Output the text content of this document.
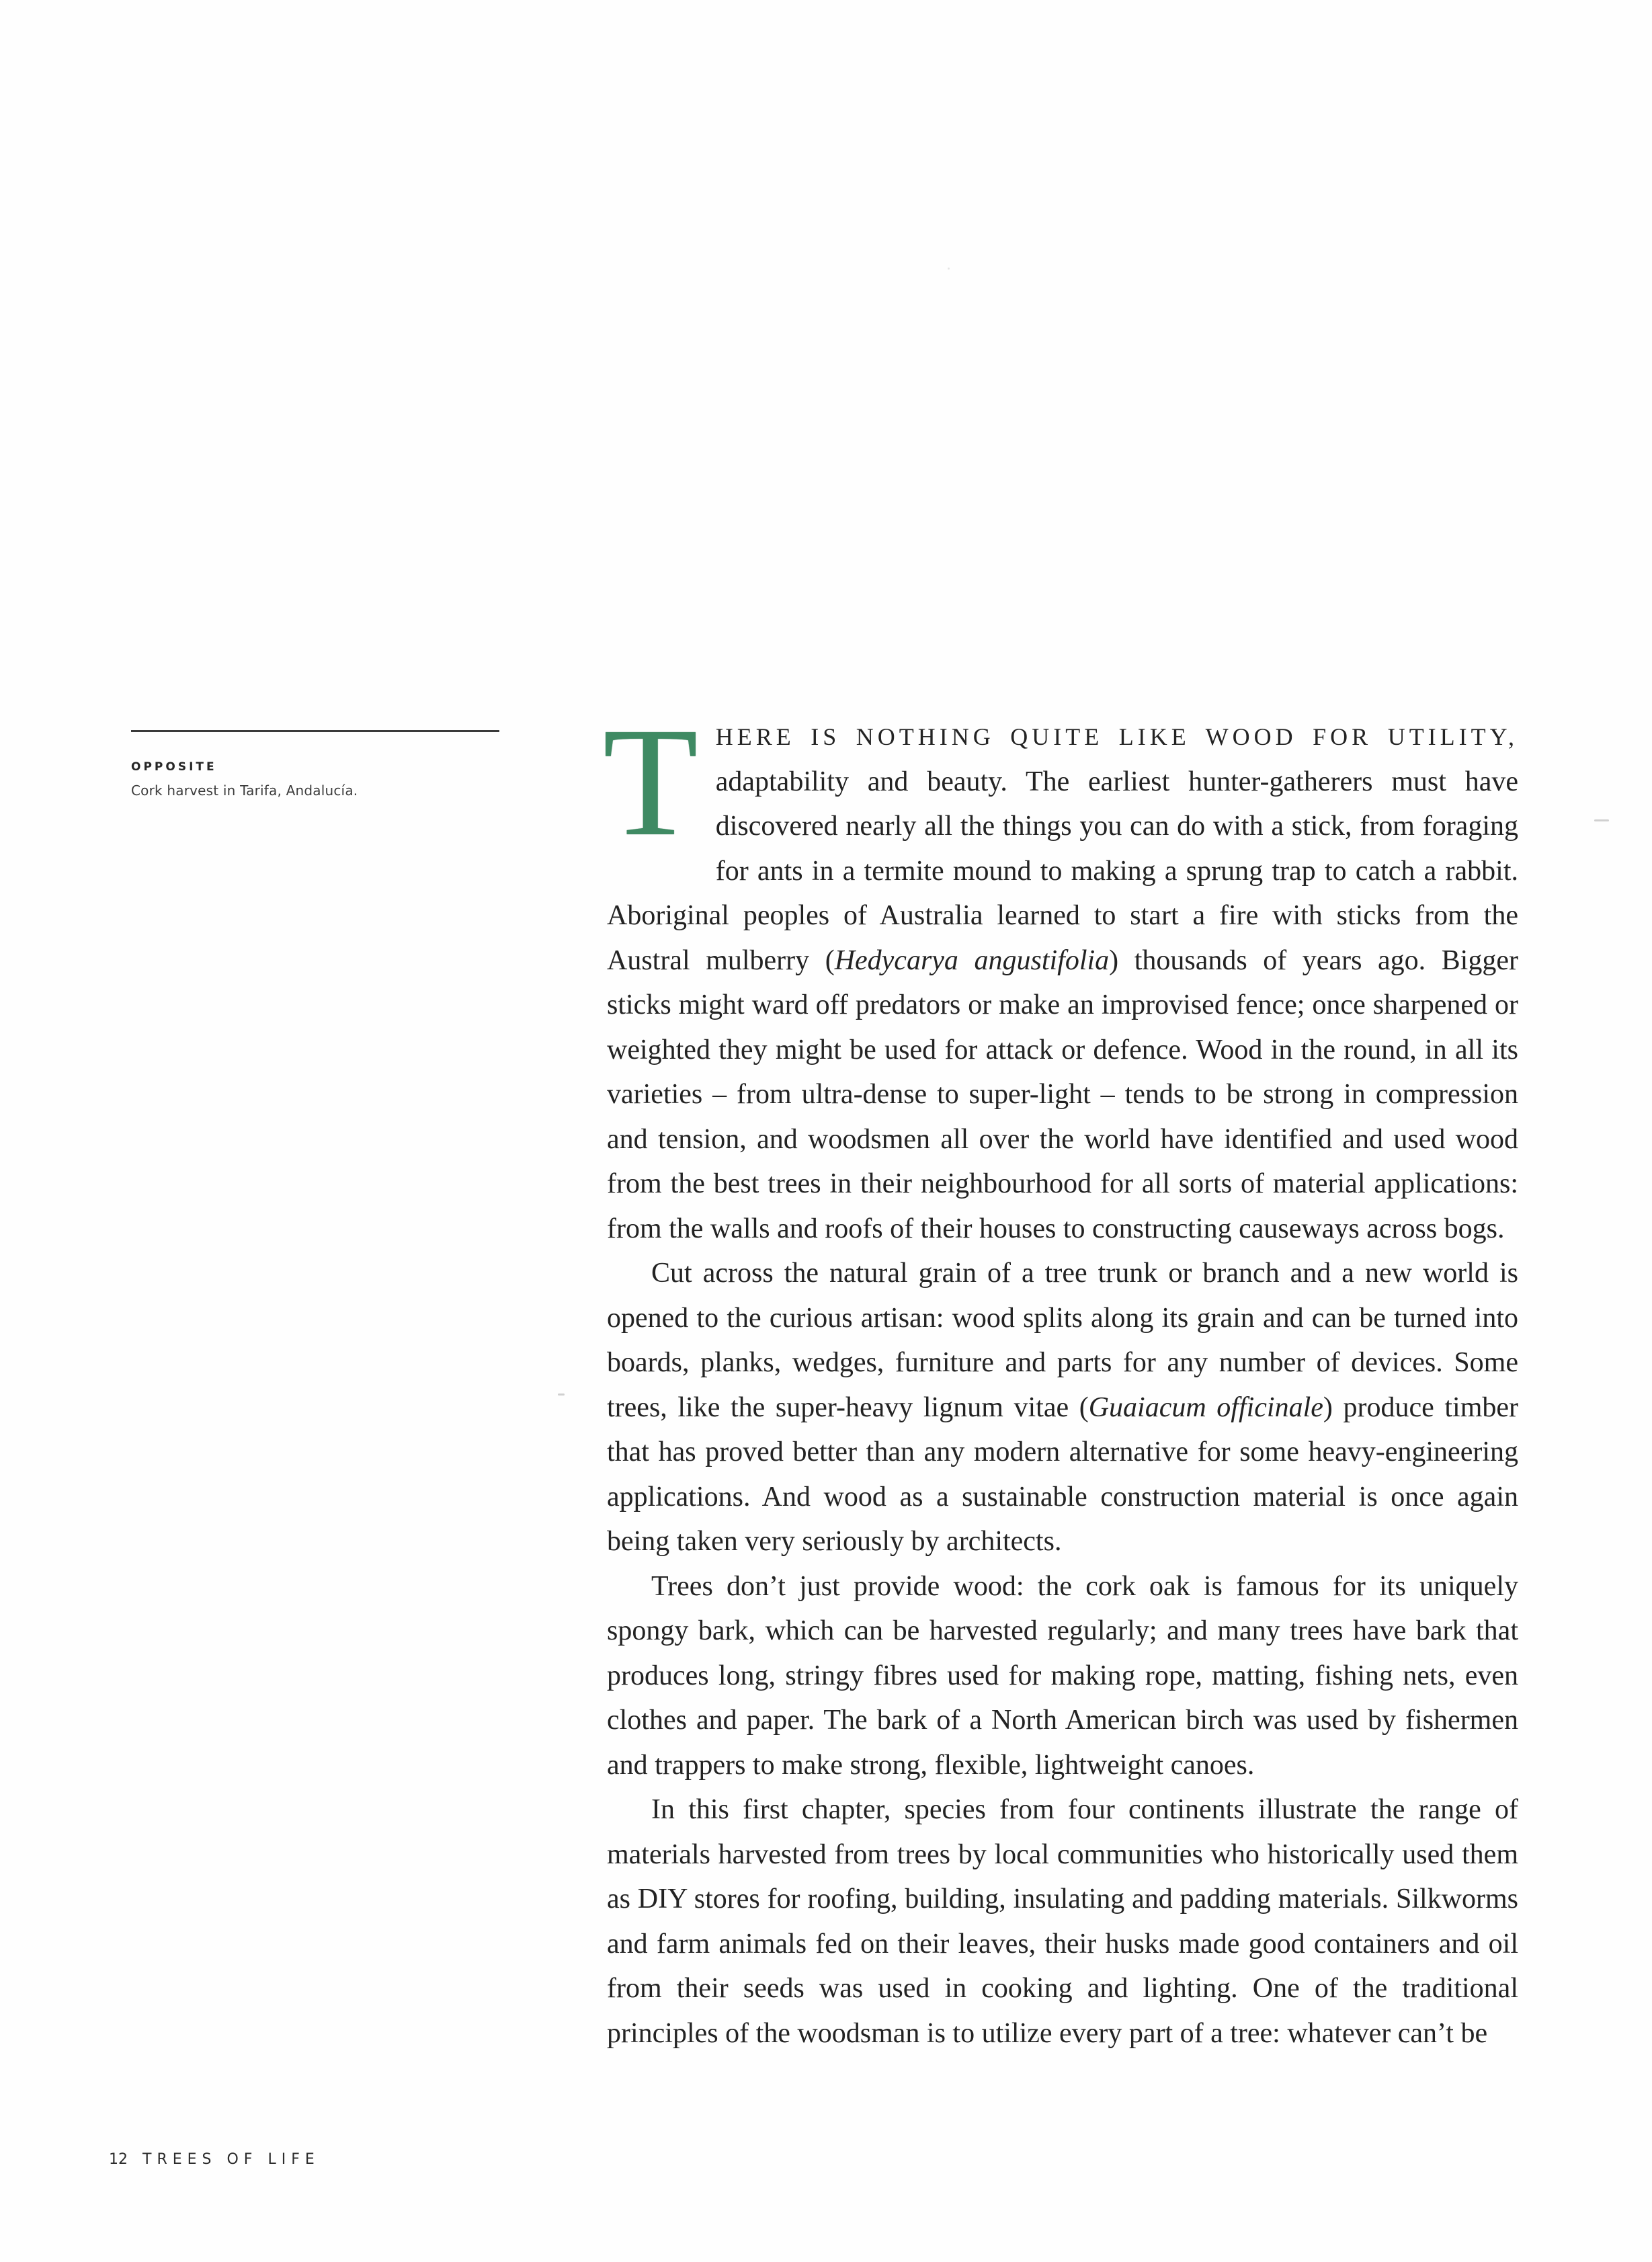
OPPOSITE
Cork harvest in Tarifa, Andalucía.	THERE IS NOTHING QUITE LIKE WOOD FOR UTILITY, adaptability and beauty. The earliest hunter-gatherers must have discovered nearly all the things you can do with a stick, from foraging for ants in a termite mound to making a sprung trap to catch a rabbit. Aboriginal peoples of Australia learned to start a fire with sticks from the Austral mulberry (Hedycarya angustifolia) thousands of years ago. Bigger sticks might ward off predators or make an improvised fence; once sharpened or weighted they might be used for attack or defence. Wood in the round, in all its varieties – from ultra-dense to super-light – tends to be strong in compression and tension, and woodsmen all over the world have identified and used wood from the best trees in their neighbourhood for all sorts of material applications: from the walls and roofs of their houses to constructing causeways across bogs.

Cut across the natural grain of a tree trunk or branch and a new world is opened to the curious artisan: wood splits along its grain and can be turned into boards, planks, wedges, furniture and parts for any number of devices. Some trees, like the super-heavy lignum vitae (Guaiacum officinale) produce timber that has proved better than any modern alternative for some heavy-engineering applications. And wood as a sustainable construction material is once again being taken very seriously by architects.

Trees don’t just provide wood: the cork oak is famous for its uniquely spongy bark, which can be harvested regularly; and many trees have bark that produces long, stringy fibres used for making rope, matting, fishing nets, even clothes and paper. The bark of a North American birch was used by fishermen and trappers to make strong, flexible, lightweight canoes.

In this first chapter, species from four continents illustrate the range of materials harvested from trees by local communities who historically used them as DIY stores for roofing, building, insulating and padding materials. Silkworms and farm animals fed on their leaves, their husks made good containers and oil from their seeds was used in cooking and lighting. One of the traditional principles of the woodsman is to utilize every part of a tree: whatever can’t be

12 TREES OF LIFE
